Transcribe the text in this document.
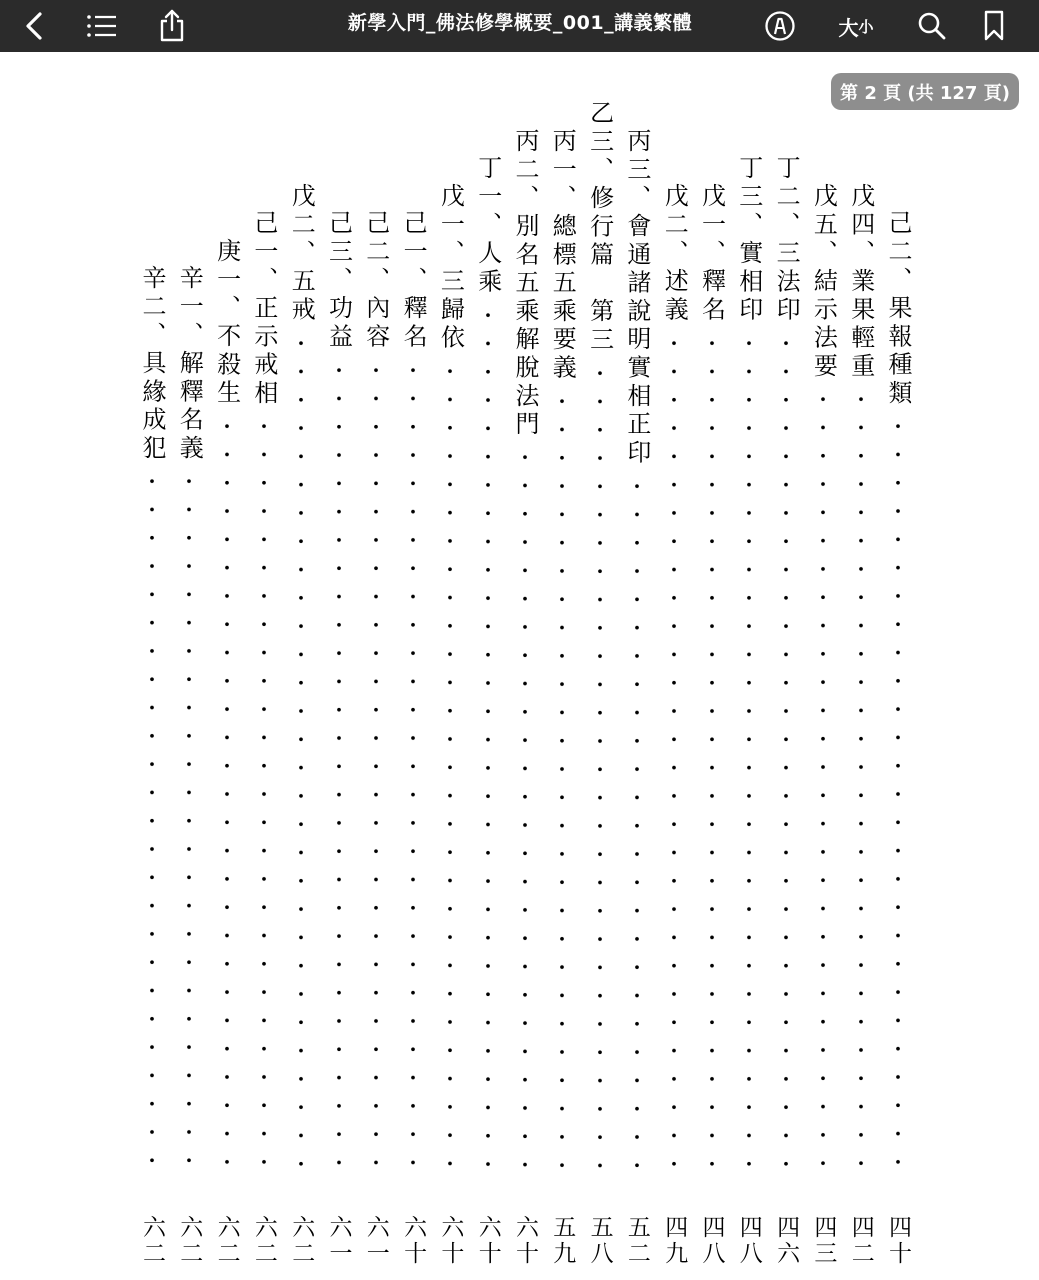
新學入門_佛法修學概要_001_講義繁體	大 小
第 2 頁 (共 127 頁)
己二、果報種類
四十
戊四、業果輕重
四二
戊五、結示法要
四三
丁二、三法印
四六
丁三、實相印
四八
戊一、釋名
四八
戊二、述義
四九
丙三、會通諸說明實相正印
五二
乙三、修行篇　第三
五八
丙一、總標五乘要義
五九
丙二、別名五乘解脫法門
六十
丁一、人乘
六十
戊一、三歸依
六十
己一、釋名
六十
己二、內容
六一
己三、功益
六一
戊二、五戒
六二
己一、正示戒相
六二
庚一、不殺生
六二
辛一、解釋名義
六二
辛二、具緣成犯
六二
